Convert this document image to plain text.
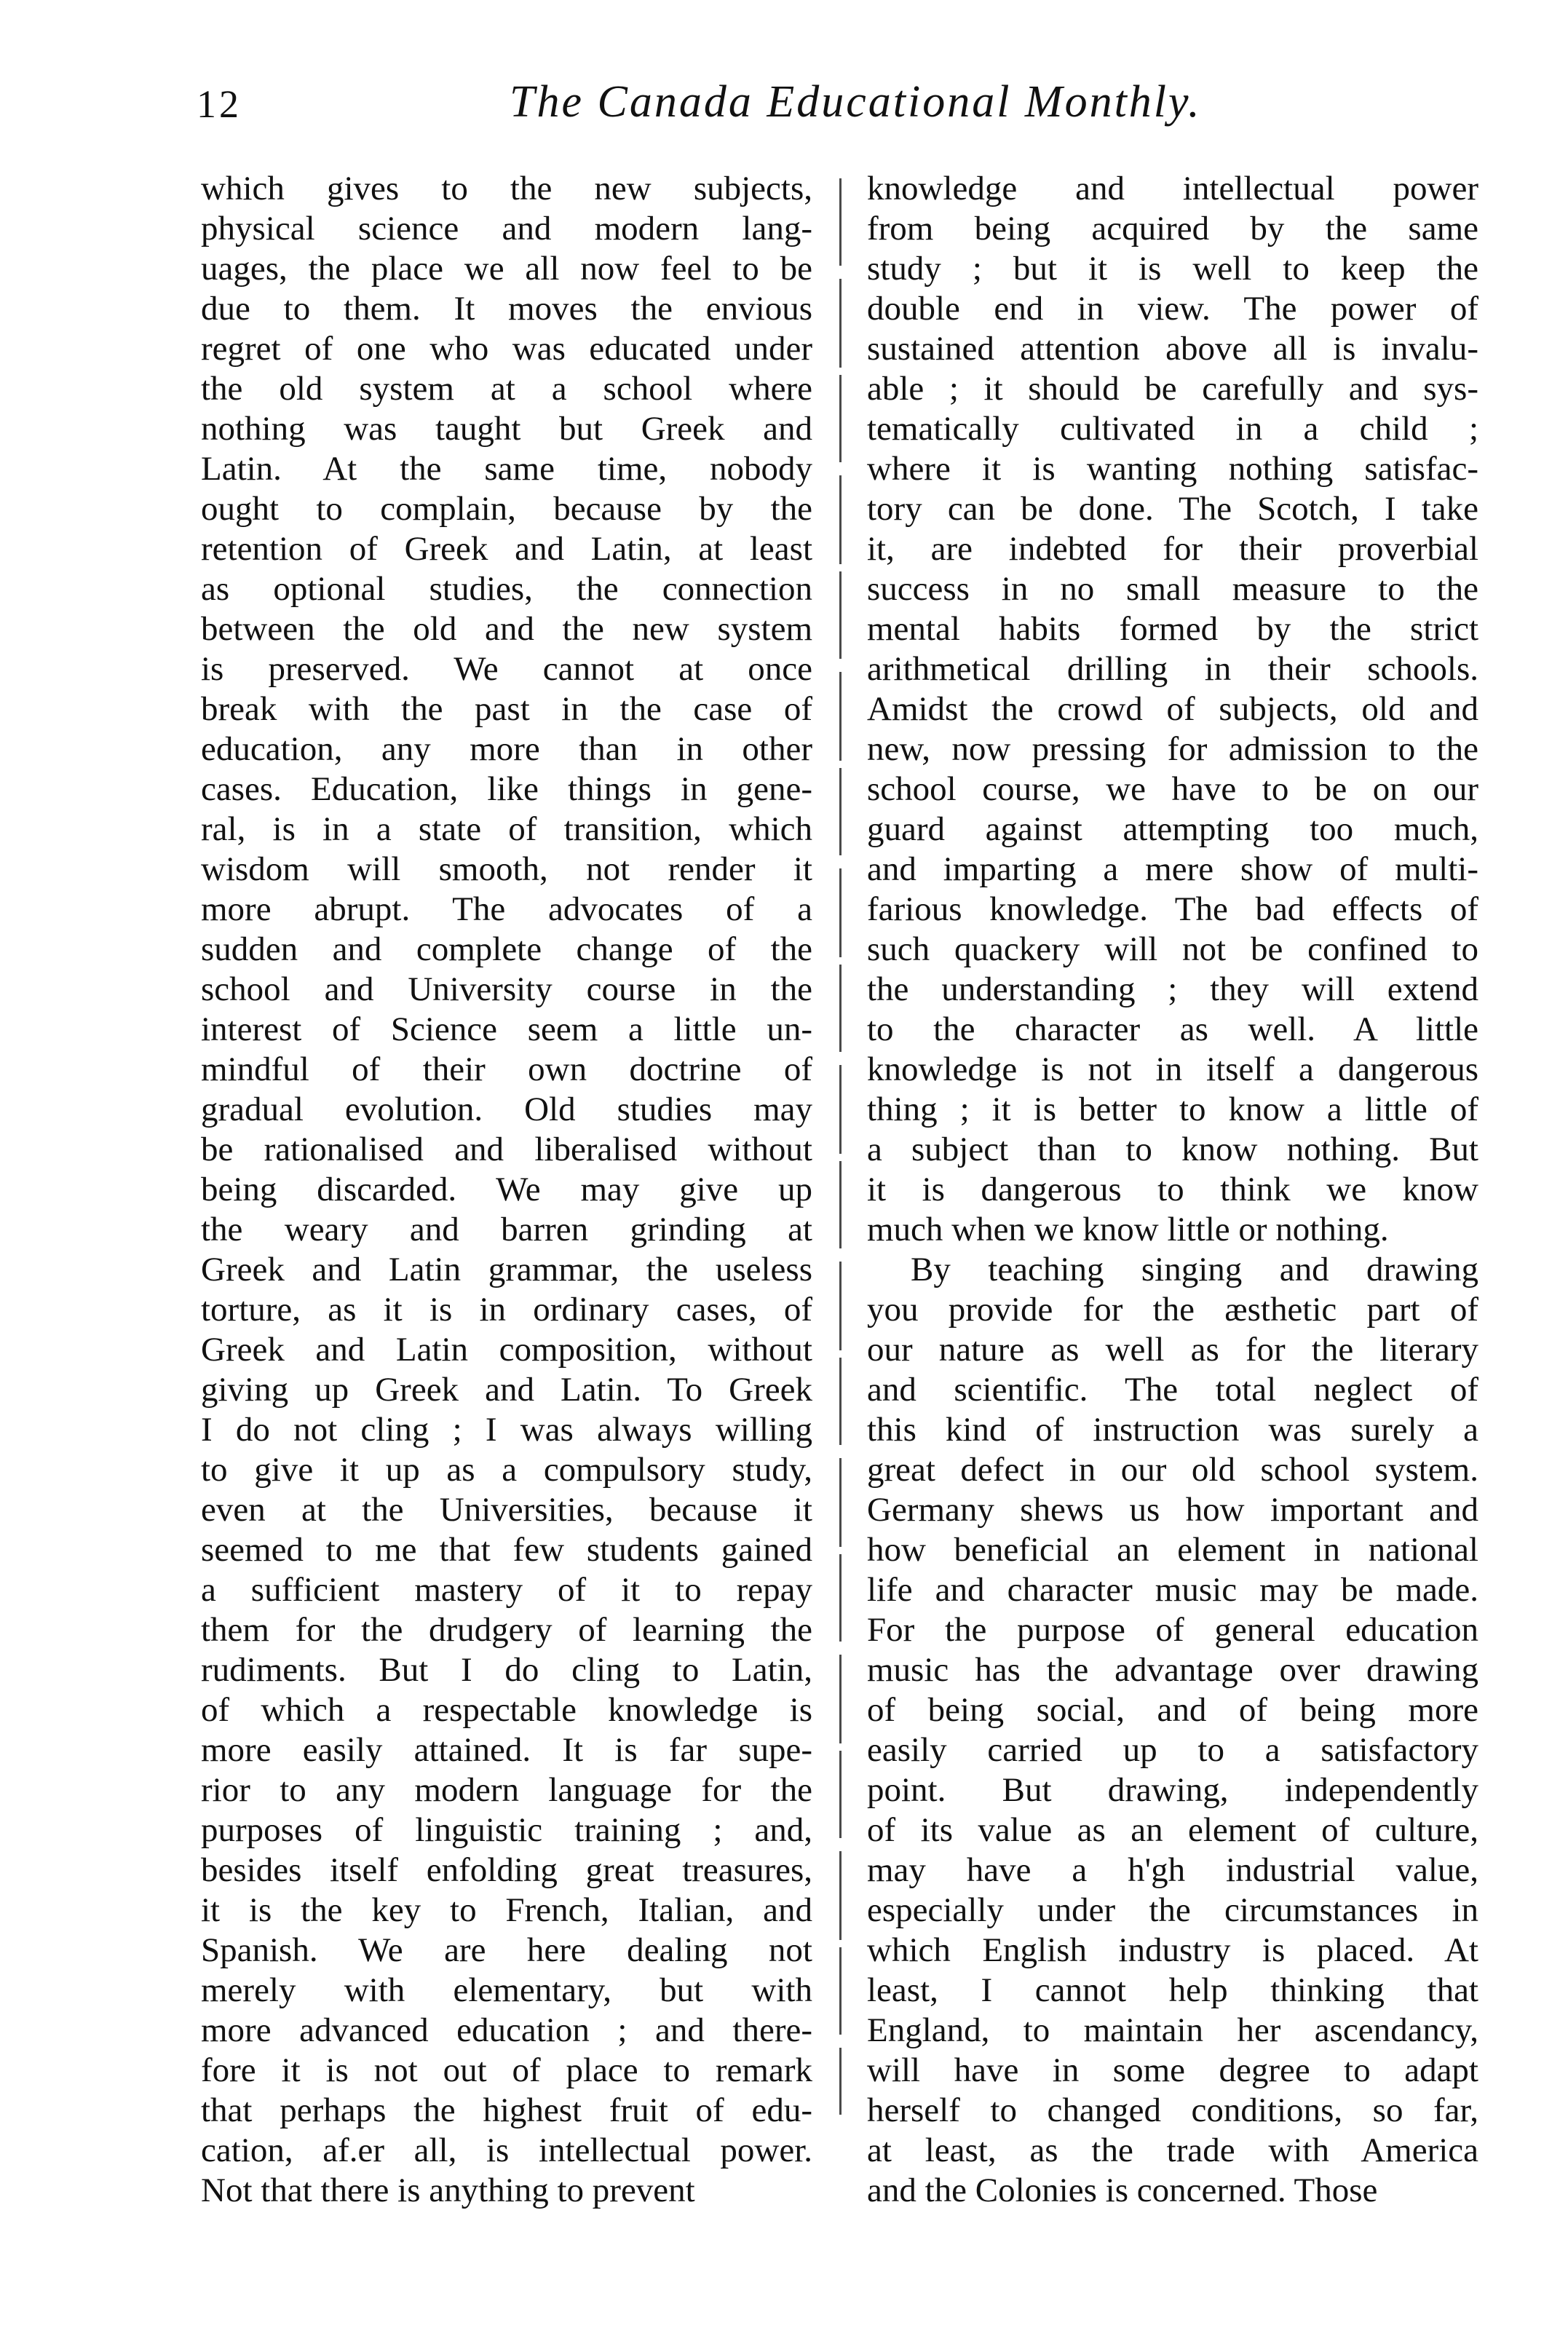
12	The Canada Educational Monthly.
which gives to the new subjects,
physical science and modern lang-
uages, the place we all now feel to be
due to them. It moves the envious
regret of one who was educated under
the old system at a school where
nothing was taught but Greek and
Latin. At the same time, nobody
ought to complain, because by the
retention of Greek and Latin, at least
as optional studies, the connection
between the old and the new system
is preserved. We cannot at once
break with the past in the case of
education, any more than in other
cases. Education, like things in gene-
ral, is in a state of transition, which
wisdom will smooth, not render it
more abrupt. The advocates of a
sudden and complete change of the
school and University course in the
interest of Science seem a little un-
mindful of their own doctrine of
gradual evolution. Old studies may
be rationalised and liberalised without
being discarded. We may give up
the weary and barren grinding at
Greek and Latin grammar, the useless
torture, as it is in ordinary cases, of
Greek and Latin composition, without
giving up Greek and Latin. To Greek
I do not cling ; I was always willing
to give it up as a compulsory study,
even at the Universities, because it
seemed to me that few students gained
a sufficient mastery of it to repay
them for the drudgery of learning the
rudiments. But I do cling to Latin,
of which a respectable knowledge is
more easily attained. It is far supe-
rior to any modern language for the
purposes of linguistic training ; and,
besides itself enfolding great treasures,
it is the key to French, Italian, and
Spanish. We are here dealing not
merely with elementary, but with
more advanced education ; and there-
fore it is not out of place to remark
that perhaps the highest fruit of edu-
cation, af.er all, is intellectual power.
Not that there is anything to prevent
knowledge and intellectual power
from being acquired by the same
study ; but it is well to keep the
double end in view. The power of
sustained attention above all is invalu-
able ; it should be carefully and sys-
tematically cultivated in a child ;
where it is wanting nothing satisfac-
tory can be done. The Scotch, I take
it, are indebted for their proverbial
success in no small measure to the
mental habits formed by the strict
arithmetical drilling in their schools.
Amidst the crowd of subjects, old and
new, now pressing for admission to the
school course, we have to be on our
guard against attempting too much,
and imparting a mere show of multi-
farious knowledge. The bad effects of
such quackery will not be confined to
the understanding ; they will extend
to the character as well. A little
knowledge is not in itself a dangerous
thing ; it is better to know a little of
a subject than to know nothing. But
it is dangerous to think we know
much when we know little or nothing.
By teaching singing and drawing
you provide for the æsthetic part of
our nature as well as for the literary
and scientific. The total neglect of
this kind of instruction was surely a
great defect in our old school system.
Germany shews us how important and
how beneficial an element in national
life and character music may be made.
For the purpose of general education
music has the advantage over drawing
of being social, and of being more
easily carried up to a satisfactory
point. But drawing, independently
of its value as an element of culture,
may have a h'gh industrial value,
especially under the circumstances in
which English industry is placed. At
least, I cannot help thinking that
England, to maintain her ascendancy,
will have in some degree to adapt
herself to changed conditions, so far,
at least, as the trade with America
and the Colonies is concerned. Those
